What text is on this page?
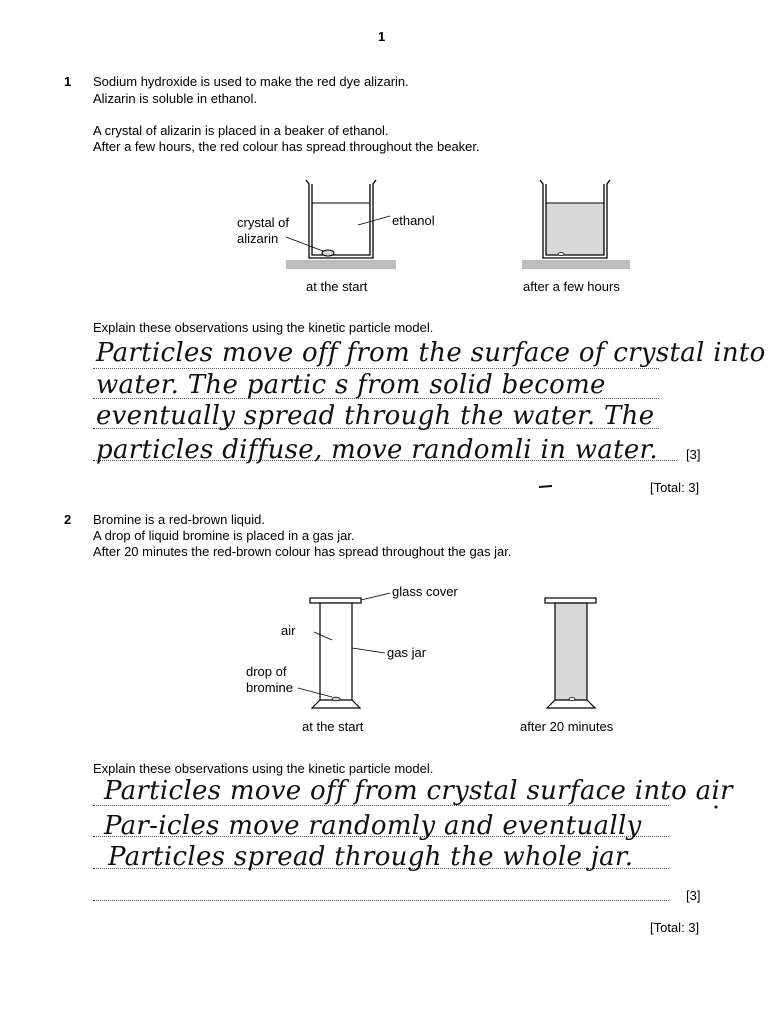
1
1 Sodium hydroxide is used to make the red dye alizarin.
Alizarin is soluble in ethanol.
A crystal of alizarin is placed in a beaker of ethanol.
After a few hours, the red colour has spread throughout the beaker.
crystal of
alizarin
ethanol
at the start	after a few hours
Explain these observations using the kinetic particle model.
Particles move off from the surface of crystal into
water. The partic s from solid become
eventually spread through the water. The
particles diffuse, move randomli in water. [3]
[Total: 3]
2 Bromine is a red-brown liquid.
A drop of liquid bromine is placed in a gas jar.
After 20 minutes the red-brown colour has spread throughout the gas jar.
glass cover
air
gas jar
drop of
bromine
at the start	after 20 minutes
Explain these observations using the kinetic particle model.
Particles move off from crystal surface into air
Par-icles move randomly and eventually
Particles spread through the whole jar.
[3]
[Total: 3]
